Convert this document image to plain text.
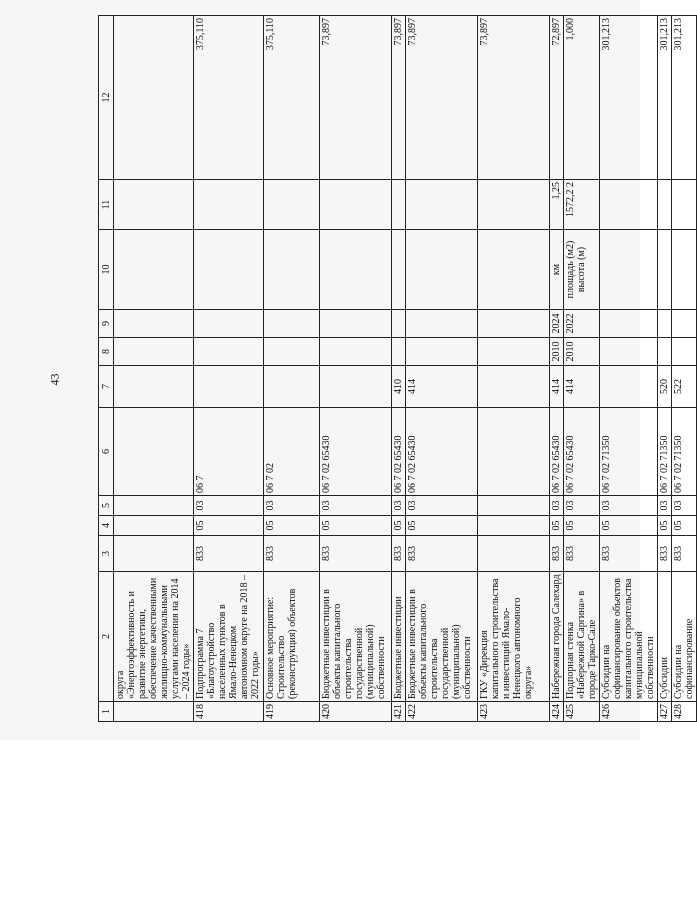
43
1	2	3	4	5	6	7	8	9	10	11	12
	округа «Энергоэффективность и развитие энергетики, обеспечение качественными жилищно-коммунальными услугами населения на 2014 – 2024 годы»										
418	Подпрограмма 7 «Благоустройство населенных пунктов в Ямало-Ненецком автономном округе на 2018 – 2022 годы»	833	05	03	06 7						375,110
419	Основное мероприятие: Строительство (реконструкция) объектов	833	05	03	06 7 02						375,110
420	Бюджетные инвестиции в объекты капитального строительства государственной (муниципальной) собственности	833	05	03	06 7 02 65430						73,897
421	Бюджетные инвестиции	833	05	03	06 7 02 65430	410					73,897
422	Бюджетные инвестиции в объекты капитального строительства государственной (муниципальной) собственности	833	05	03	06 7 02 65430	414					73,897
423	ГКУ «Дирекция капитального строительства и инвестиций Ямало-Ненецкого автономного округа»										73,897
424	Набережная города Салехард	833	05	03	06 7 02 65430	414	2010	2024	км	1,25	72,897
425	Подпорная стенка «Набережной Саргина» в городе Тарко-Сале	833	05	03	06 7 02 65430	414	2010	2022	площадь (м2) высота (м)	1572,2 2	1,000
426	Субсидии на софинансирование объектов капитального строительства муниципальной собственности	833	05	03	06 7 02 71350						301,213
427	Субсидии	833	05	03	06 7 02 71350	520					301,213
428	Субсидии на софинансирование	833	05	03	06 7 02 71350	522					301,213
